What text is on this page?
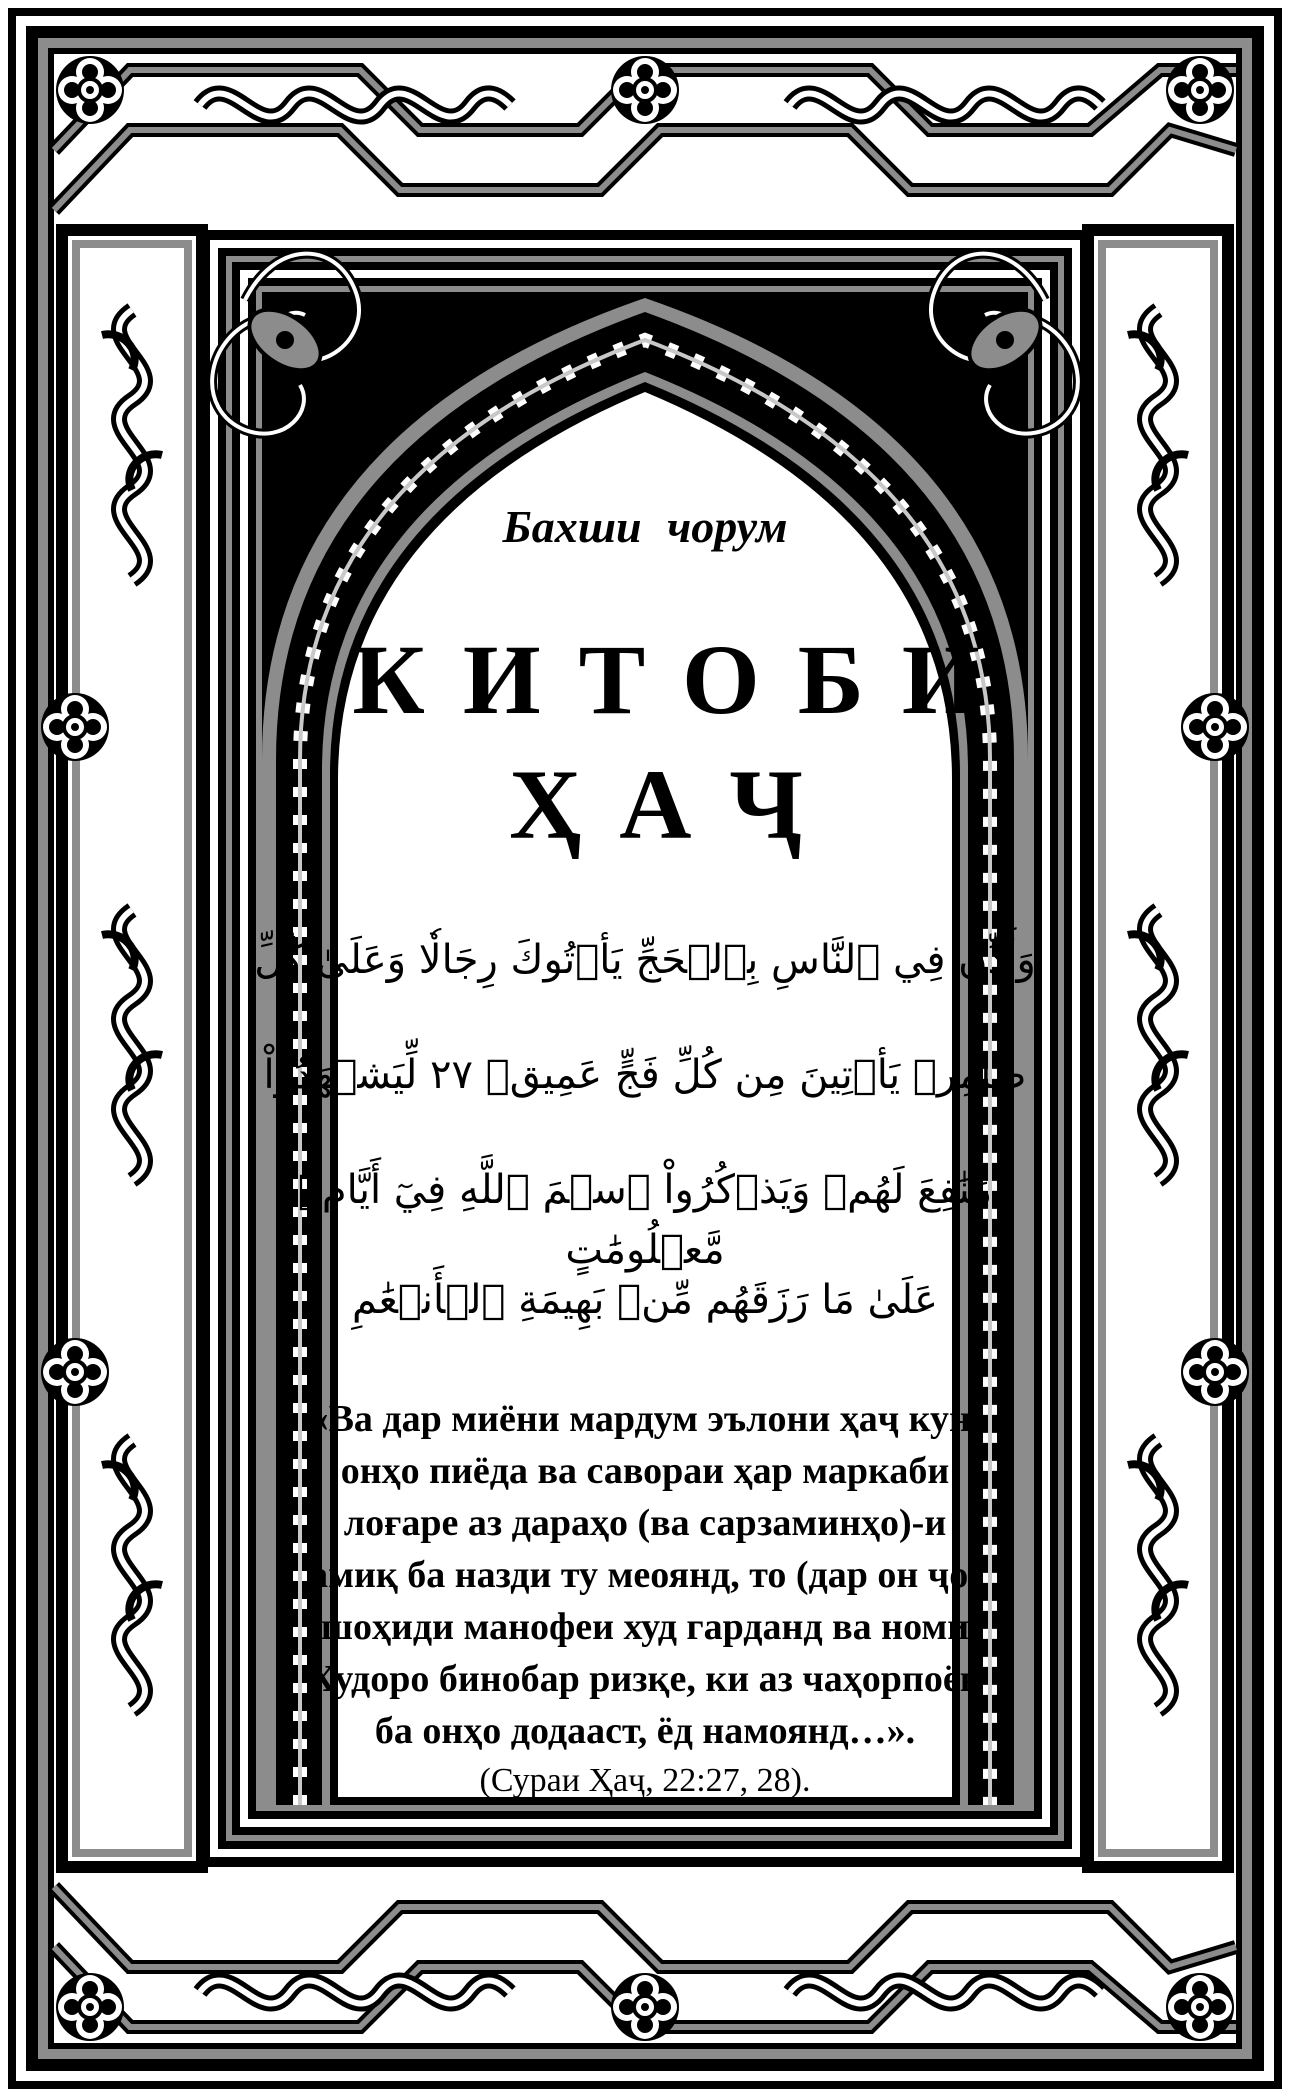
Бахши чорум
КИТОБИ
ҲАҶ
وَأَذِّن فِي ٱلنَّاسِ بِٱلۡحَجِّ يَأۡتُوكَ رِجَالٗا وَعَلَىٰ كُلِّ
ضَامِرٖ يَأۡتِينَ مِن كُلِّ فَجٍّ عَمِيقٖ ٢٧ لِّيَشۡهَدُواْ
مَنَٰفِعَ لَهُمۡ وَيَذۡكُرُواْ ٱسۡمَ ٱللَّهِ فِيٓ أَيَّامٖ مَّعۡلُومَٰتٍ
عَلَىٰ مَا رَزَقَهُم مِّنۢ بَهِيمَةِ ٱلۡأَنۡعَٰمِ
«Ва дар миёни мардум эълони ҳаҷ кун,
онҳо пиёда ва савораи ҳар маркаби
лоғаре аз дараҳо (ва сарзаминҳо)-и
амиқ ба назди ту меоянд, то (дар он ҷо)
шоҳиди манофеи худ гарданд ва номи
Худоро бинобар ризқе, ки аз чаҳорпоён
ба онҳо додааст, ёд намоянд…».
(Сураи Ҳаҷ, 22:27, 28).
